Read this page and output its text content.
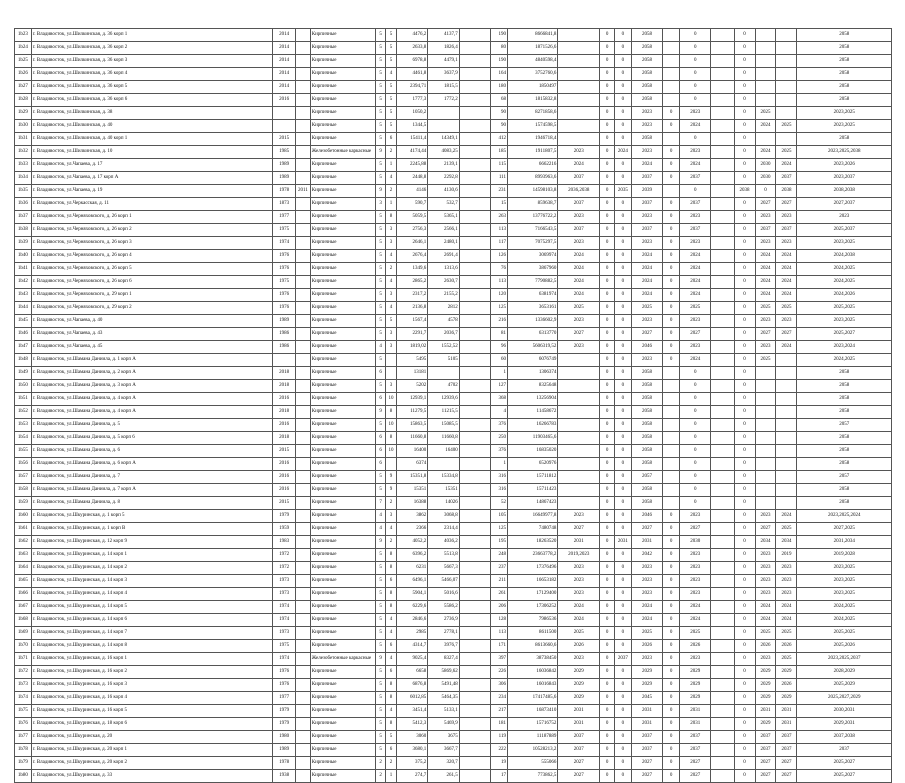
1b23	г. Владивосток, ул.Шилкинская, д. 36 корп 1	2014		Кирпичные	5	5	4476,2	4137,7		190	8666841,8		0	0	2058		0		0			2058
1b24	г. Владивосток, ул.Шилкинская, д. 36 корп 2	2014		Кирпичные	5	5	2633,8	1826,4		80	1871526,6		0	0	2058		0		0			2058
1b25	г. Владивосток, ул.Шилкинская, д. 36 корп 3	2014		Кирпичные	5	5	6978,8	4479,1		190	4840598,4		0	0	2058		0		0			2058
1b26	г. Владивосток, ул.Шилкинская, д. 36 корп 4	2014		Кирпичные	5	4	4461,8	3637,9		164	3752760,6		0	0	2058		0		0			2058
1b27	г. Владивосток, ул.Шилкинская, д. 36 корп 5	2014		Кирпичные	5	5	2394,71	1815,5		180	1850497		0	0	2058		0		0			2058
1b28	г. Владивосток, ул.Шилкинская, д. 36 корп 6	2016		Кирпичные	5	5	1777,3	1772,2		68	1815832,8		0	0	2058		0		0			2058
1b29	г. Владивосток, ул.Шилкинская, д. 38			Кирпичные	5	5	1050,2			90	8271858,6		0	0	2023	0	2023		0	2025		2023,2025
1b30	г. Владивосток, ул.Шилкинская, д. 40			Кирпичные	5	5	1344,5			90	1574598,5		0	0	2023	0	2024		0	2024	2025	2023,2025
1b31	г. Владивосток, ул.Шилкинская, д. 40 корп 1	2015		Кирпичные	5	6	15411,4	14349,1		412	1946718,4		0	0	2058		0		0			2058
1b32	г. Владивосток, ул.Шилкинская, д. 10	1985		Железобетонные каркасные	9	2	4174,44	4083,25		185	1911807,5	2023	0	2024	2023	0	2023		0	2024	2025	2023,2025,2038
1b33	г. Владивосток, ул.Чапаева, д. 17	1989		Кирпичные	5	1	2245,88	2139,1		115	6662216	2024	0	0	2024	0	2024		0	2030	2024	2023,2026
1b34	г. Владивосток, ул.Чапаева, д. 17 корп А	1989		Кирпичные	5	4	2448,8	2292,8		111	8993963,6	2037	0	0	2037	0	2037		0	2030	2037	2023,2037
1b35	г. Владивосток, ул.Чапаева, д. 19	1978	2011	Кирпичные	9	2	4146	4130,6		231	14598103,8	2036,2038	0	2035	2039		0		2038	0	2038	2038,2038
1b36	г. Владивосток, ул.Черкасская, д. 11	1873		Кирпичные	3	1	590,7	532,7		15	859638,7	2037	0	0	2037	0	2037		0	2027	2027	2027,2037
1b37	г. Владивосток, ул.Черняховского, д. 26 корп 1	1977		Кирпичные	5	8	5059,5	5365,1		263	13776722,2	2023	0	0	2023	0	2023		0	2023	2023	2023
1b38	г. Владивосток, ул.Черняховского, д. 26 корп 2	1975		Кирпичные	5	3	2756,3	2566,1		113	7166543,5	2037	0	0	2037	0	2037		0	2037	2037	2025,2037
1b39	г. Владивосток, ул.Черняховского, д. 26 корп 3	1974		Кирпичные	5	3	2646,1	2480,1		117	7075297,5	2023	0	0	2023	0	2023		0	2023	2023	2023,2025
1b40	г. Владивосток, ул.Черняховского, д. 26 корп 4	1976		Кирпичные	5	4	2676,4	2691,4		126	3069974	2024	0	0	2024	0	2024		0	2024	2024	2024,2038
1b41	г. Владивосток, ул.Черняховского, д. 26 корп 5	1976		Кирпичные	5	2	1349,6	1313,6		76	3867960	2024	0	0	2024	0	2024		0	2024	2024	2024,2025
1b42	г. Владивосток, ул.Черняховского, д. 26 корп 6	1975		Кирпичные	5	4	2865,2	2630,7		113	7790882,5	2024	0	0	2024	0	2024		0	2024	2024	2024,2025
1b43	г. Владивосток, ул.Черняховского, д. 29 корп 1	1976		Кирпичные	5	3	2317,2	2155,2		120	6381974	2024	0	0	2024	0	2024		0	2024	2024	2024,2026
1b44	г. Владивосток, ул.Черняховского, д. 29 корп 2	1976		Кирпичные	5	4	2136,8	2812		125	3653161	2025	0	0	2025	0	2025		0	2025	2025	2025,2025
1b45	г. Владивосток, ул.Чапаева, д. 40	1989		Кирпичные	5	5	1567,4	4578		216	1336602,9	2023	0	0	2023	0	2023		0	2023	2023	2023,2025
1b46	г. Владивосток, ул.Чапаева, д. 43	1986		Кирпичные	5	3	2291,7	2036,7		81	6313770	2027	0	0	2027	0	2027		0	2027	2027	2025,2027
1b47	г. Владивосток, ул.Чапаева, д. 45	1986		Кирпичные	4	3	1819,02	1552,52		96	5606319,52	2023	0	0	2046	0	2023		0	2023	2024	2023,2024
1b48	г. Владивосток, ул.Шамана Даниила, д. 1 корп А			Кирпичные	5		5495	5105		60	6076749		0	0	2023	0	2024		0	2025		2024,2025
1b49	г. Владивосток, ул.Шамана Даниила, д. 2 корп А	2018		Кирпичные	6		13181			1	1306374		0	0	2058		0		0			2058
1b50	г. Владивосток, ул.Шамана Даниила, д. 3 корп А	2018		Кирпичные	5	3	5202	4702		127	8325648		0	0	2058		0		0			2058
1b51	г. Владивосток, ул.Шамана Даниила, д. 4 корп А	2016		Кирпичные	6	10	12939,1	12939,6		368	13256904		0	0	2058		0		0			2058
1b52	г. Владивосток, ул.Шамана Даниила, д. 4 корп А	2018		Кирпичные	9	8	11279,5	11215,5		4	11458672		0	0	2058		0		0			2058
1b53	г. Владивосток, ул.Шамана Даниила, д. 5	2016		Кирпичные	5	10	15863,5	15085,5		376	16266783		0	0	2058		0		0			2057
1b54	г. Владивосток, ул.Шамана Даниила, д. 5 корп 6	2018		Кирпичные	6	8	11660,8	11660,8		250	11903465,6		0	0	2058		0		0			2058
1b55	г. Владивосток, ул.Шамана Даниила, д. 6	2015		Кирпичные	6	10	16400	16400		376	16835020		0	0	2058		0		0			2058
1b56	г. Владивосток, ул.Шамана Даниила, д. 6 корп А	2016		Кирпичные	6		6374			1	6520976		0	0	2058		0		0			2058
1b57	г. Владивосток, ул.Шамана Даниила, д. 7	2016		Кирпичные	5	9	15351,8	15334,8		316	15711812		0	0	2057		0		0			2057
1b58	г. Владивосток, ул.Шамана Даниила, д. 7 корп А	2016		Кирпичные	5	9	15351	15351		316	15711423		0	0	2058		0		0			2058
1b59	г. Владивосток, ул.Шамана Даниила, д. 8	2015		Кирпичные	7	2	16388	14026		52	14867423		0	0	2058		0		0			2058
1b60	г. Владивосток, ул.Шкуринская, д. 1 корп 5	1979		Кирпичные	4	3	3862	3068,8		105	16649977,8	2023	0	0	2046	0	2023		0	2023	2024	2023,2025,2024
1b61	г. Владивосток, ул.Шкуринская, д. 1 корп В	1959		Кирпичные	4	4	2366	2314,4		125	7480748	2027	0	0	2027	0	2027		0	2027	2025	2027,2025
1b62	г. Владивосток, ул.Шкуринская, д. 12 корп 9	1983		Кирпичные	9	2	4052,2	4036,2		195	18263520	2031	0	2031	2031	0	2030		0	2034	2034	2031,2034
1b63	г. Владивосток, ул.Шкуринская, д. 14 корп 1	1972		Кирпичные	5	8	6396,2	5513,8		248	23663778,2	2019,2023	0	0	2042	0	2023		0	2023	2019	2019,2028
1b64	г. Владивосток, ул.Шкуринская, д. 14 корп 2	1972		Кирпичные	5	8	6231	5667,3		237	17376496	2023	0	0	2023	0	2023		0	2023	2023	2023,2025
1b65	г. Владивосток, ул.Шкуринская, д. 14 корп 3	1973		Кирпичные	5	6	6496,1	5466,07		211	16653182	2023	0	0	2023	0	2023		0	2023	2023	2023,2025
1b66	г. Владивосток, ул.Шкуринская, д. 14 корп 4	1973		Кирпичные	5	8	5904,1	5016,6		261	17129400	2023	0	0	2023	0	2023		0	2023	2023	2023,2025
1b67	г. Владивосток, ул.Шкуринская, д. 14 корп 5	1974		Кирпичные	5	8	6229,6	5586,2		206	17306252	2024	0	0	2024	0	2024		0	2024	2024	2024,2025
1b68	г. Владивосток, ул.Шкуринская, д. 14 корп 6	1974		Кирпичные	5	4	2846,6	2736,9		128	7986536	2024	0	0	2024	0	2024		0	2024	2024	2024,2025
1b69	г. Владивосток, ул.Шкуринская, д. 14 корп 7	1973		Кирпичные	5	4	2985	2778,1		113	8611500	2025	0	0	2025	0	2025		0	2025	2025	2025,2025
1b70	г. Владивосток, ул.Шкуринская, д. 14 корп 8	1975		Кирпичные	5	6	4314,7	3976,7		171	8613660,6	2026	0	0	2026	0	2026		0	2026	2026	2025,2026
1b71	г. Владивосток, ул.Шкуринская, д. 16 корп 1	1974		Железобетонные каркасные	9	4	9025,4	8327,4		397	38738450	2023	0	2037	2023	0	2023		0	2023	2025	2023,2025,2037
1b72	г. Владивосток, ул.Шкуринская, д. 16 корп 2	1976		Кирпичные	5	6	6658	5869,62		226	16036842	2029	0	0	2029	0	2029		0	2029	2029	2028,2029
1b73	г. Владивосток, ул.Шкуринская, д. 16 корп 3	1976		Кирпичные	5	8	6876,8	5491,48		306	16016843	2029	0	0	2029	0	2029		0	2029	2026	2025,2029
1b74	г. Владивосток, ул.Шкуринская, д. 16 корп 4	1977		Кирпичные	5	8	6012,85	5464,35		234	17417485,6	2029	0	0	2045	0	2029		0	2029	2029	2025,2027,2029
1b75	г. Владивосток, ул.Шкуринская, д. 16 корп 5	1979		Кирпичные	5	4	3451,4	5133,1		217	16873410	2031	0	0	2031	0	2031		0	2031	2031	2030,2031
1b76	г. Владивосток, ул.Шкуринская, д. 18 корп 6	1979		Кирпичные	5	8	5412,3	5469,9		181	15716752	2031	0	0	2031	0	2031		0	2029	2031	2029,2031
1b77	г. Владивосток, ул.Шкуринская, д. 20	1980		Кирпичные	5	5	3060	3675		119	11187889	2037	0	0	2037	0	2037		0	2037	2037	2037,2038
1b78	г. Владивосток, ул.Шкуринская, д. 20 корп 1	1989		Кирпичные	5	6	3680,1	3667,7		222	10528213,2	2037	0	0	2037	0	2037		0	2037	2037	2037
1b79	г. Владивосток, ул.Шкуринская, д. 20 корп 2	1978		Кирпичные	2	2	375,2	320,7		19	555066	2027	0	0	2027	0	2027		0	2027	2027	2025,2027
1b80	г. Владивосток, ул.Шкуринская, д. 33	1938		Кирпичные	2	1	274,7	261,5		17	773862,5	2027	0	0	2027	0	2027		0	2027	2027	2025,2027
